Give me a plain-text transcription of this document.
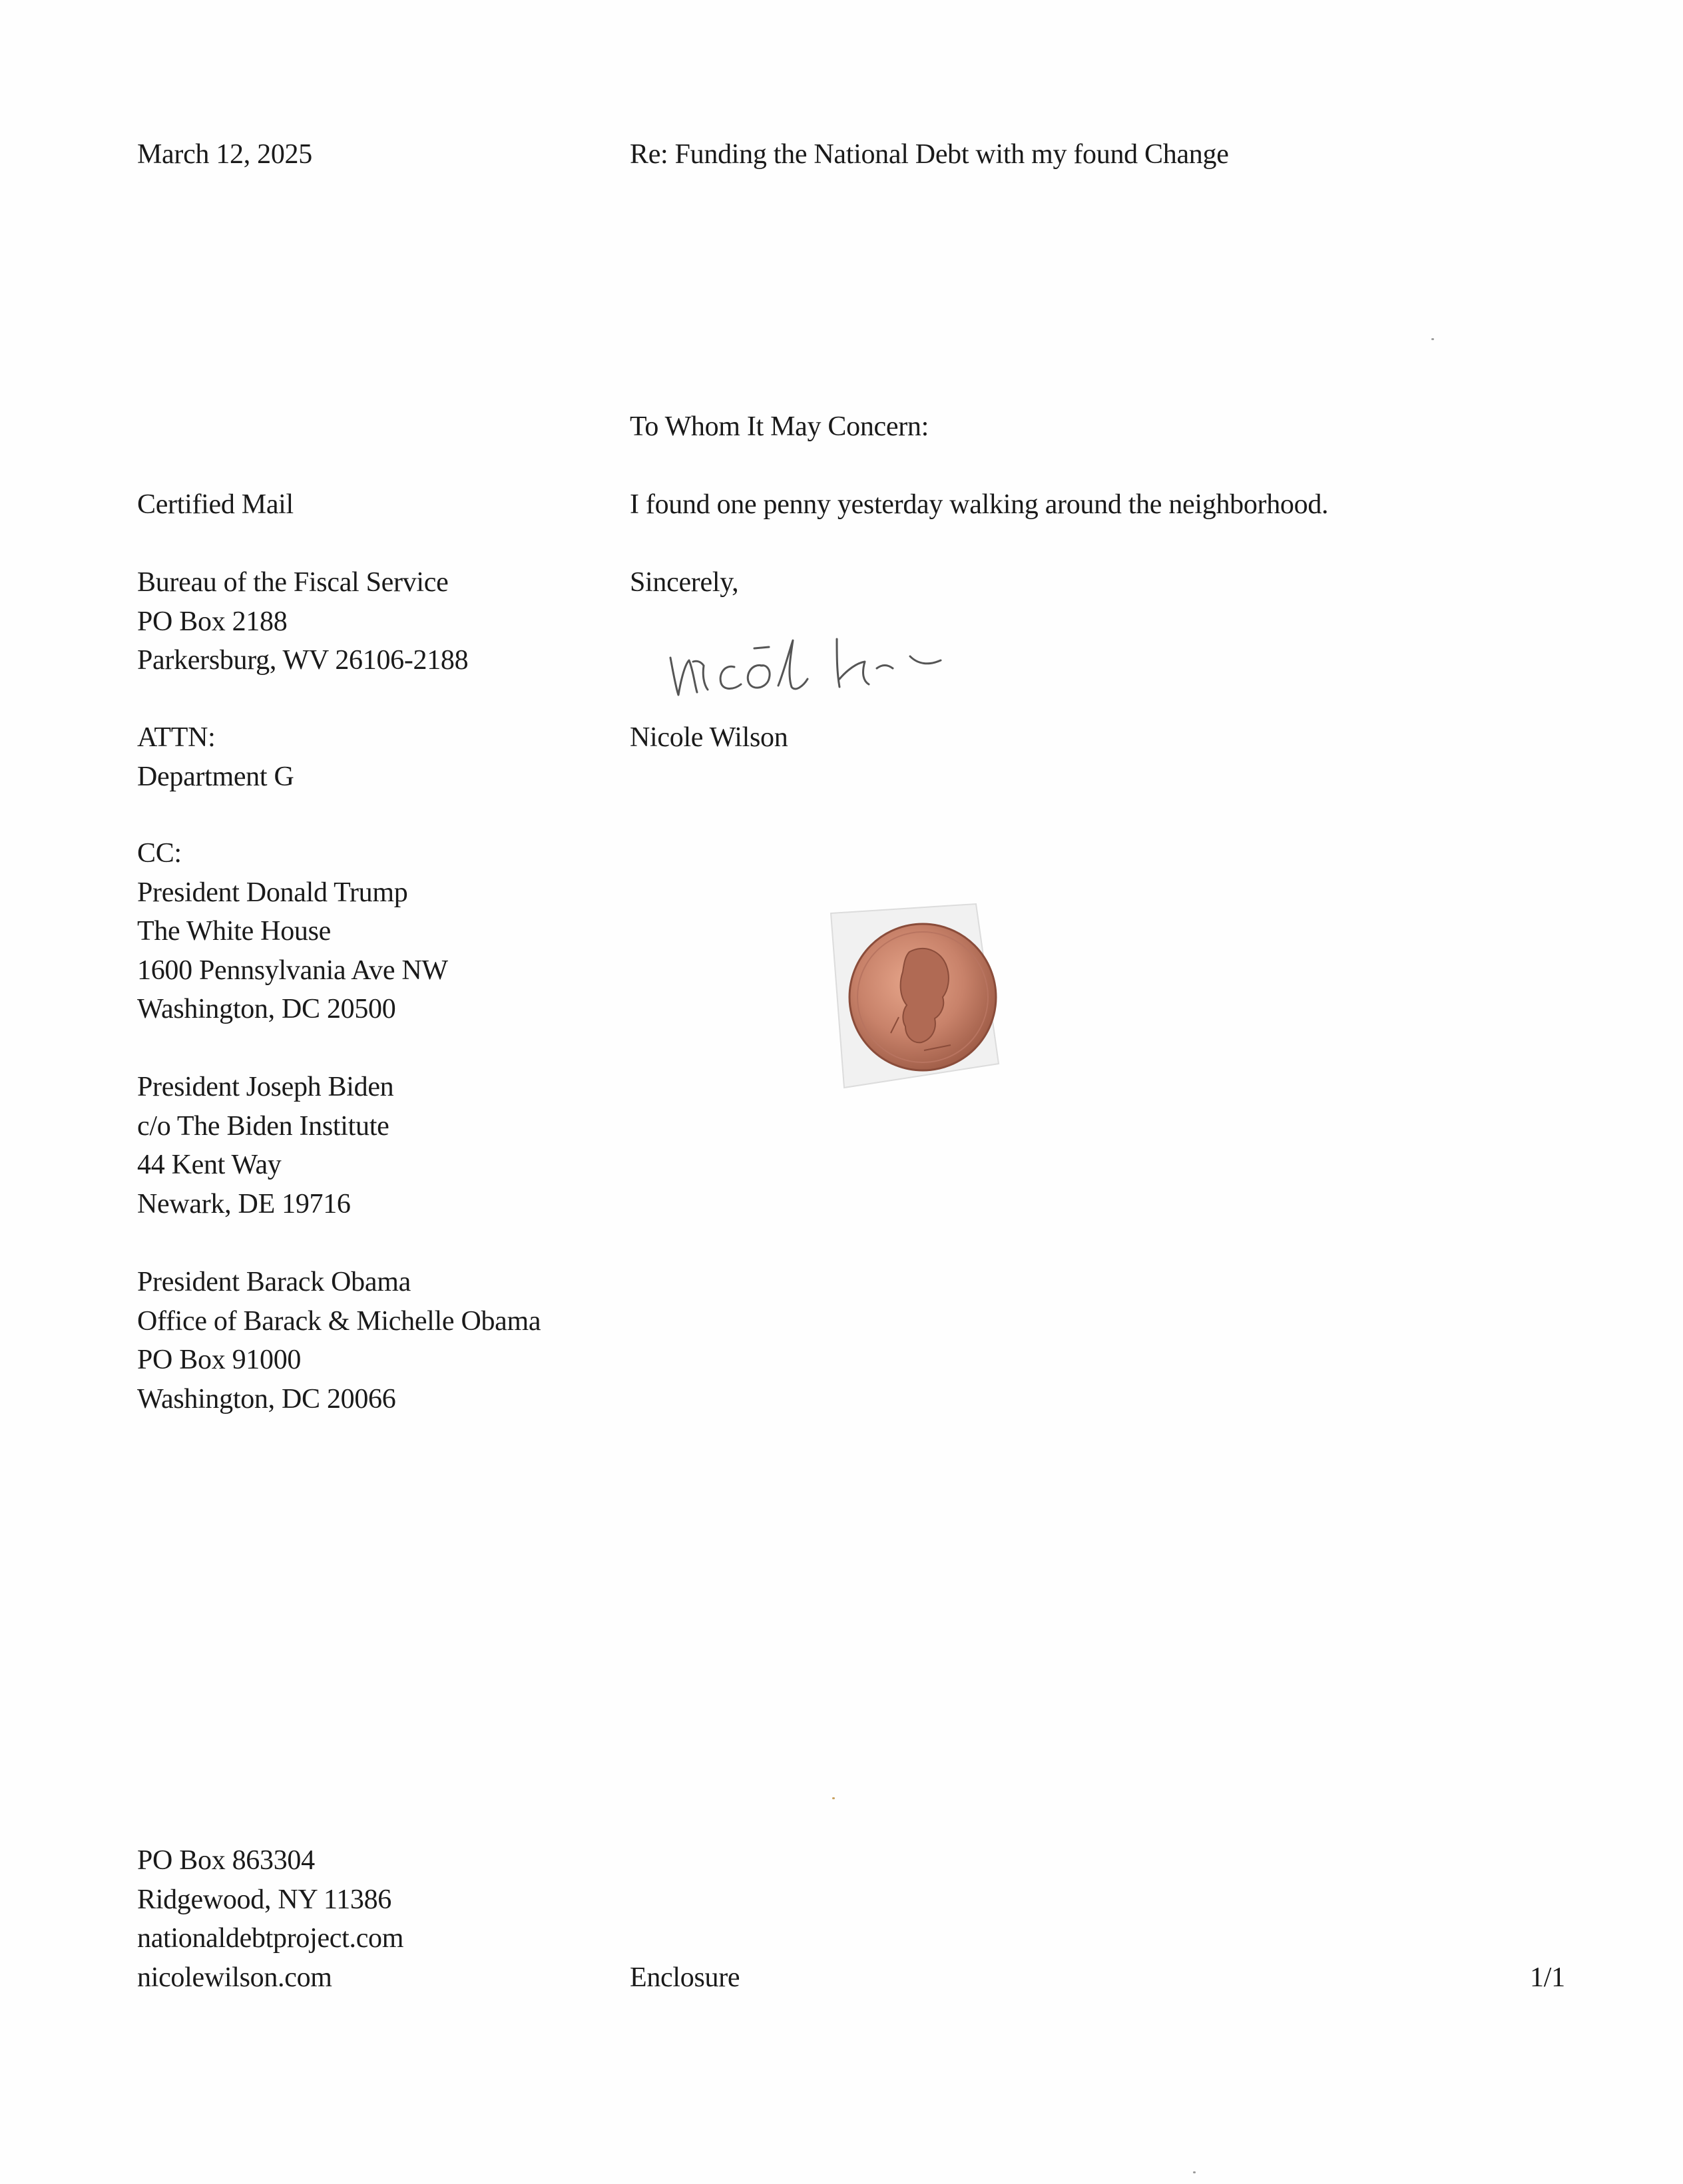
March 12, 2025	Re: Funding the National Debt with my found Change
To Whom It May Concern:
Certified Mail	I found one penny yesterday walking around the neighborhood.
Bureau of the Fiscal Service
PO Box 2188
Parkersburg, WV 26106-2188
Sincerely,
Nicole Wilson
ATTN:
Department G
CC:
President Donald Trump
The White House
1600 Pennsylvania Ave NW
Washington, DC 20500
President Joseph Biden
c/o The Biden Institute
44 Kent Way
Newark, DE 19716
President Barack Obama
Office of Barack & Michelle Obama
PO Box 91000
Washington, DC 20066
PO Box 863304
Ridgewood, NY 11386
nationaldebtproject.com
nicolewilson.com	Enclosure	1/1
